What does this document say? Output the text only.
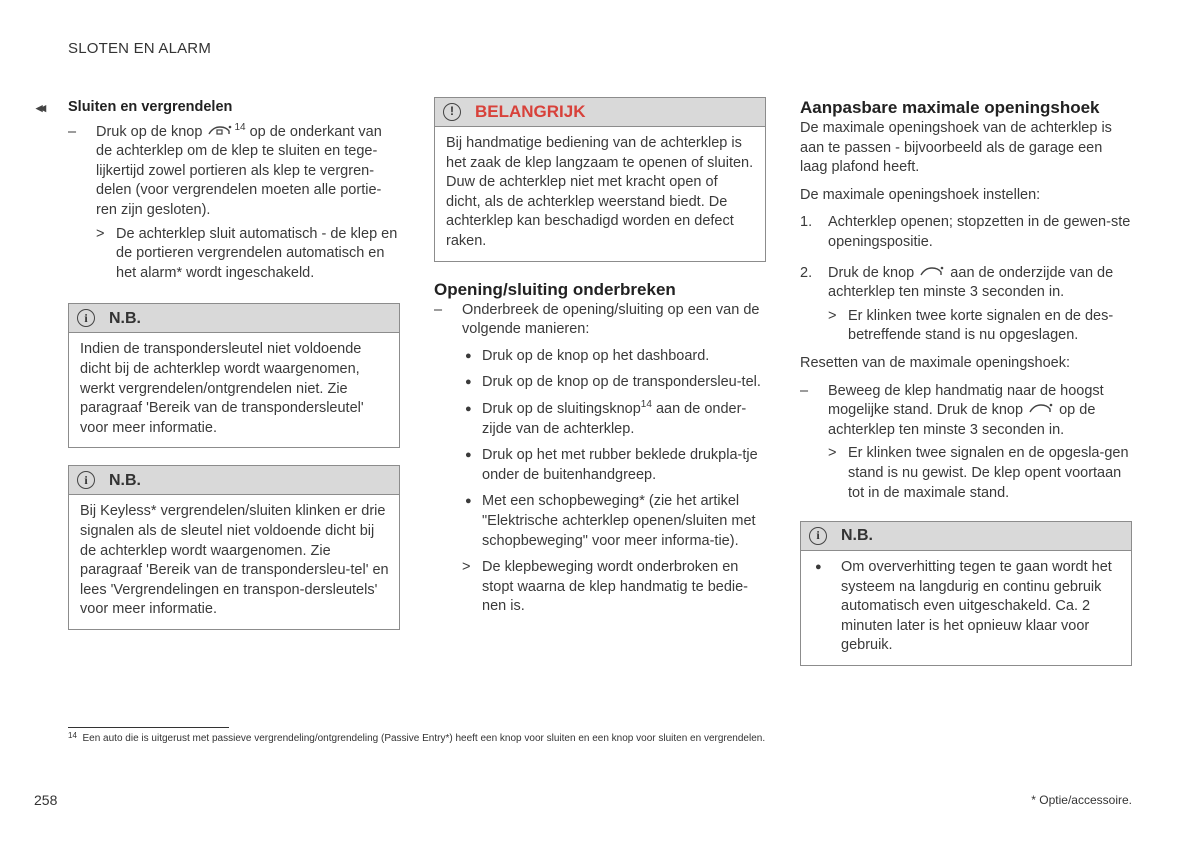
SLOTEN EN ALARM
◂◂ Sluiten en vergrendelen
–	Druk op de knop	$^{14}$ op de onderkant van de achterklep om de klep te sluiten en tege-lijkertijd zowel portieren als klep te vergren-delen (voor vergrendelen moeten alle portie-ren zijn gesloten).
> De achterklep sluit automatisch - de klep en de portieren vergrendelen automatisch en het alarm* wordt ingeschakeld.
i	N.B.
Indien de transpondersleutel niet voldoende dicht bij de achterklep wordt waargenomen, werkt vergrendelen/ontgrendelen niet. Zie paragraaf 'Bereik van de transpondersleutel' voor meer informatie.
i	N.B.
Bij Keyless* vergrendelen/sluiten klinken er drie signalen als de sleutel niet voldoende dicht bij de achterklep wordt waargenomen. Zie paragraaf 'Bereik van de transpondersleu-tel' en lees 'Vergrendelingen en transpon-dersleutels' voor meer informatie.
!	BELANGRIJK
Bij handmatige bediening van de achterklep is het zaak de klep langzaam te openen of sluiten. Duw de achterklep niet met kracht open of dicht, als de achterklep weerstand biedt. De achterklep kan beschadigd worden en defect raken.
Opening/sluiting onderbreken
–	Onderbreek de opening/sluiting op een van de volgende manieren:
● Druk op de knop op het dashboard.
● Druk op de knop op de transpondersleu-tel.
● Druk op de sluitingsknop$^{14}$ aan de onder-zijde van de achterklep.
● Druk op het met rubber beklede drukpla-tje onder de buitenhandgreep.
● Met een schopbeweging* (zie het artikel "Elektrische achterklep openen/sluiten met schopbeweging" voor meer informa-tie).
> De klepbeweging wordt onderbroken en stopt waarna de klep handmatig te bedie-nen is.
Aanpasbare maximale openingshoek

De maximale openingshoek van de achterklep is aan te passen - bijvoorbeeld als de garage een laag plafond heeft.

De maximale openingshoek instellen:

1.	Achterklep openen; stopzetten in de gewen-ste openingspositie.
2.	Druk de knop  aan de onderzijde van de achterklep ten minste 3 seconden in.
> Er klinken twee korte signalen en de des-betreffende stand is nu opgeslagen.

Resetten van de maximale openingshoek:

–	Beweeg de klep handmatig naar de hoogst mogelijke stand. Druk de knop  op de achterklep ten minste 3 seconden in.
> Er klinken twee signalen en de opgesla-gen stand is nu gewist. De klep opent voortaan tot in de maximale stand.
i	N.B.
●	Om oververhitting tegen te gaan wordt het systeem na langdurig en continu gebruik automatisch even uitgeschakeld. Ca. 2 minuten later is het opnieuw klaar voor gebruik.
$^{14}$ Een auto die is uitgerust met passieve vergrendeling/ontgrendeling (Passive Entry*) heeft een knop voor sluiten en een knop voor sluiten en vergrendelen.
258	* Optie/accessoire.
